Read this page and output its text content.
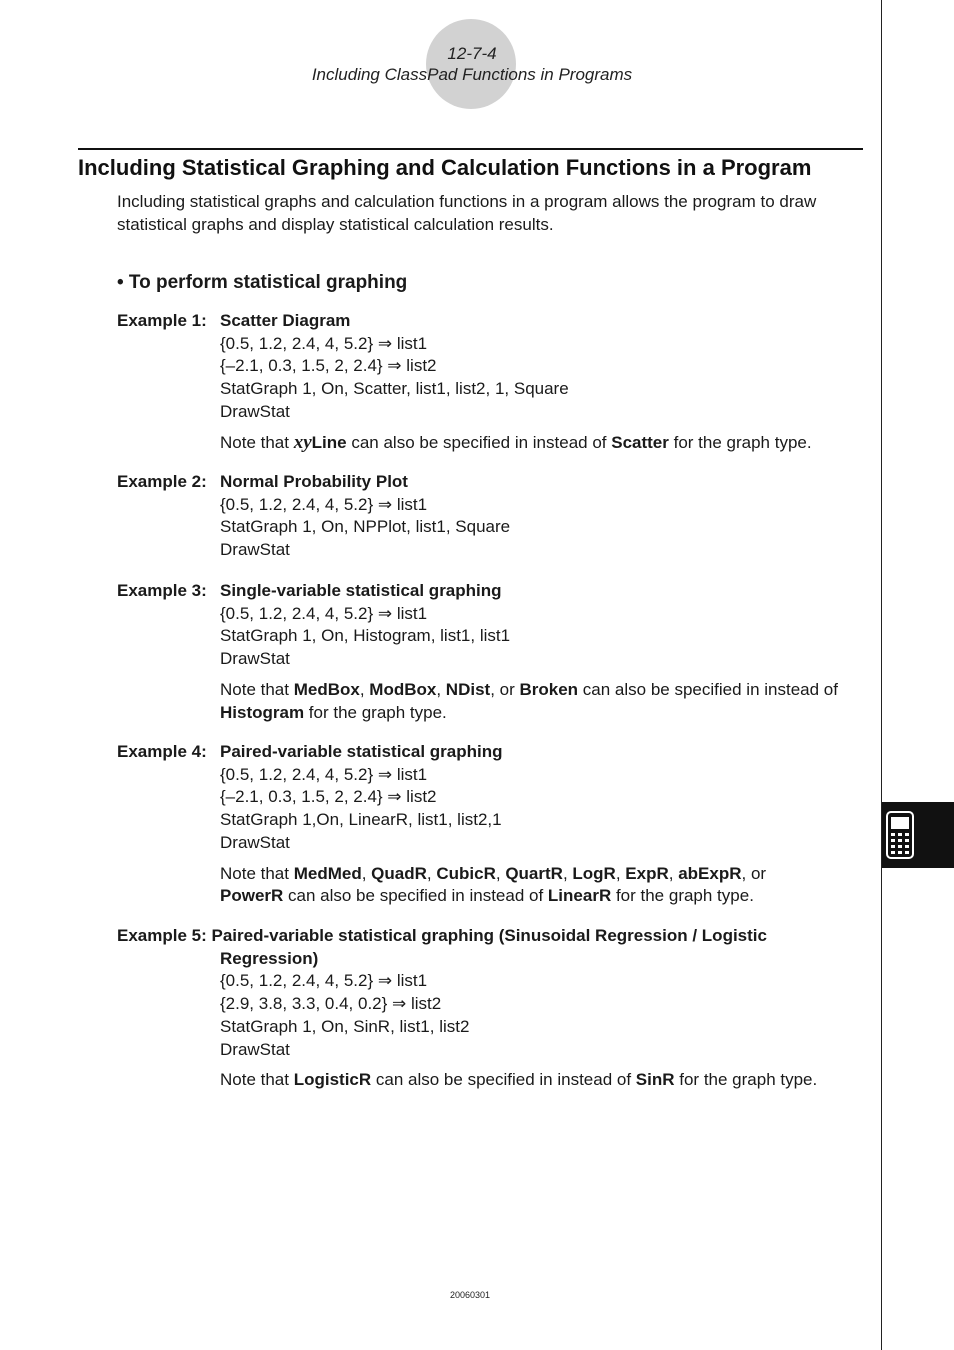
12-7-4
Including ClassPad Functions in Programs
Including Statistical Graphing and Calculation Functions in a Program

Including statistical graphs and calculation functions in a program allows the program to draw statistical graphs and display statistical calculation results.

• To perform statistical graphing
Example 1: Scatter Diagram
{0.5, 1.2, 2.4, 4, 5.2} ⇒ list1
{–2.1, 0.3, 1.5, 2, 2.4} ⇒ list2
StatGraph 1, On, Scatter, list1, list2, 1, Square
DrawStat
Note that xyLine can also be specified in instead of Scatter for the graph type.
Example 2: Normal Probability Plot
{0.5, 1.2, 2.4, 4, 5.2} ⇒ list1
StatGraph 1, On, NPPlot, list1, Square
DrawStat
Example 3: Single-variable statistical graphing
{0.5, 1.2, 2.4, 4, 5.2} ⇒ list1
StatGraph 1, On, Histogram, list1, list1
DrawStat
Note that MedBox, ModBox, NDist, or Broken can also be specified in instead of Histogram for the graph type.
Example 4: Paired-variable statistical graphing
{0.5, 1.2, 2.4, 4, 5.2} ⇒ list1
{–2.1, 0.3, 1.5, 2, 2.4} ⇒ list2
StatGraph 1,On, LinearR, list1, list2,1
DrawStat
Note that MedMed, QuadR, CubicR, QuartR, LogR, ExpR, abExpR, or
PowerR can also be specified in instead of LinearR for the graph type.
Example 5: Paired-variable statistical graphing (Sinusoidal Regression / Logistic Regression)
{0.5, 1.2, 2.4, 4, 5.2} ⇒ list1
{2.9, 3.8, 3.3, 0.4, 0.2} ⇒ list2
StatGraph 1, On, SinR, list1, list2
DrawStat
Note that LogisticR can also be specified in instead of SinR for the graph type.
20060301
